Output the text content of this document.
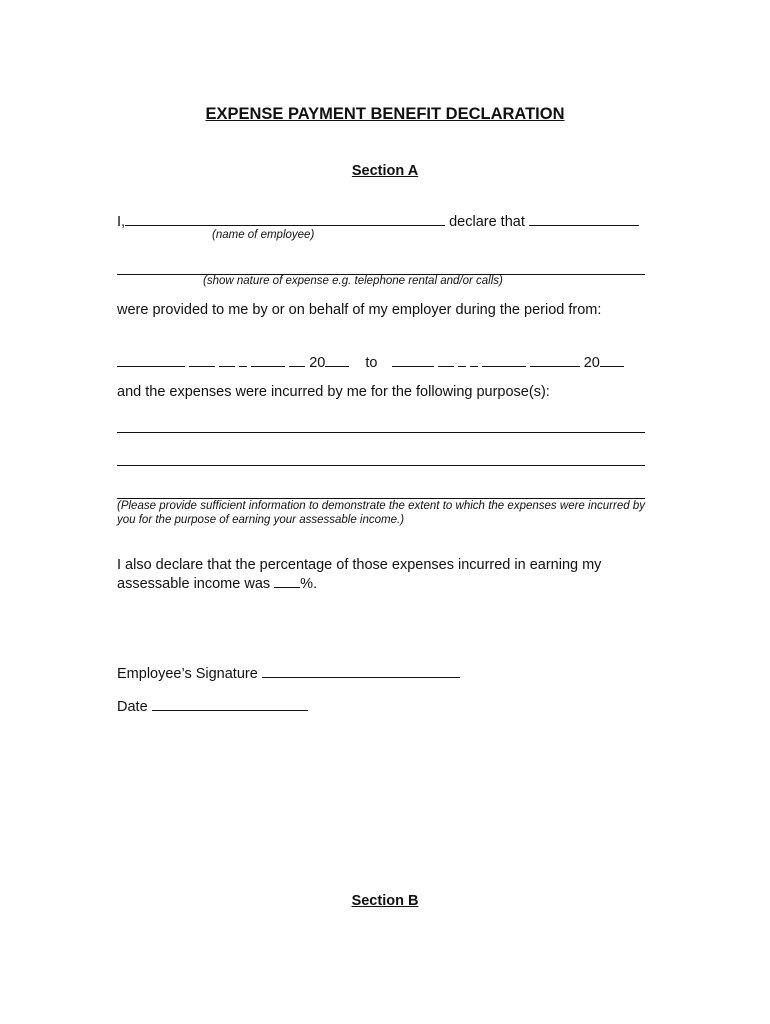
EXPENSE PAYMENT BENEFIT DECLARATION
Section A
I,	declare that
(name of employee)
(show nature of expense e.g. telephone rental and/or calls)
were provided to me by or on behalf of my employer during the period from:
20	to	20
and the expenses were incurred by me for the following purpose(s):
(Please provide sufficient information to demonstrate the extent to which the expenses were incurred by you for the purpose of earning your assessable income.)
I also declare that the percentage of those expenses incurred in earning my assessable income was %.
Employee’s Signature
Date
Section B
